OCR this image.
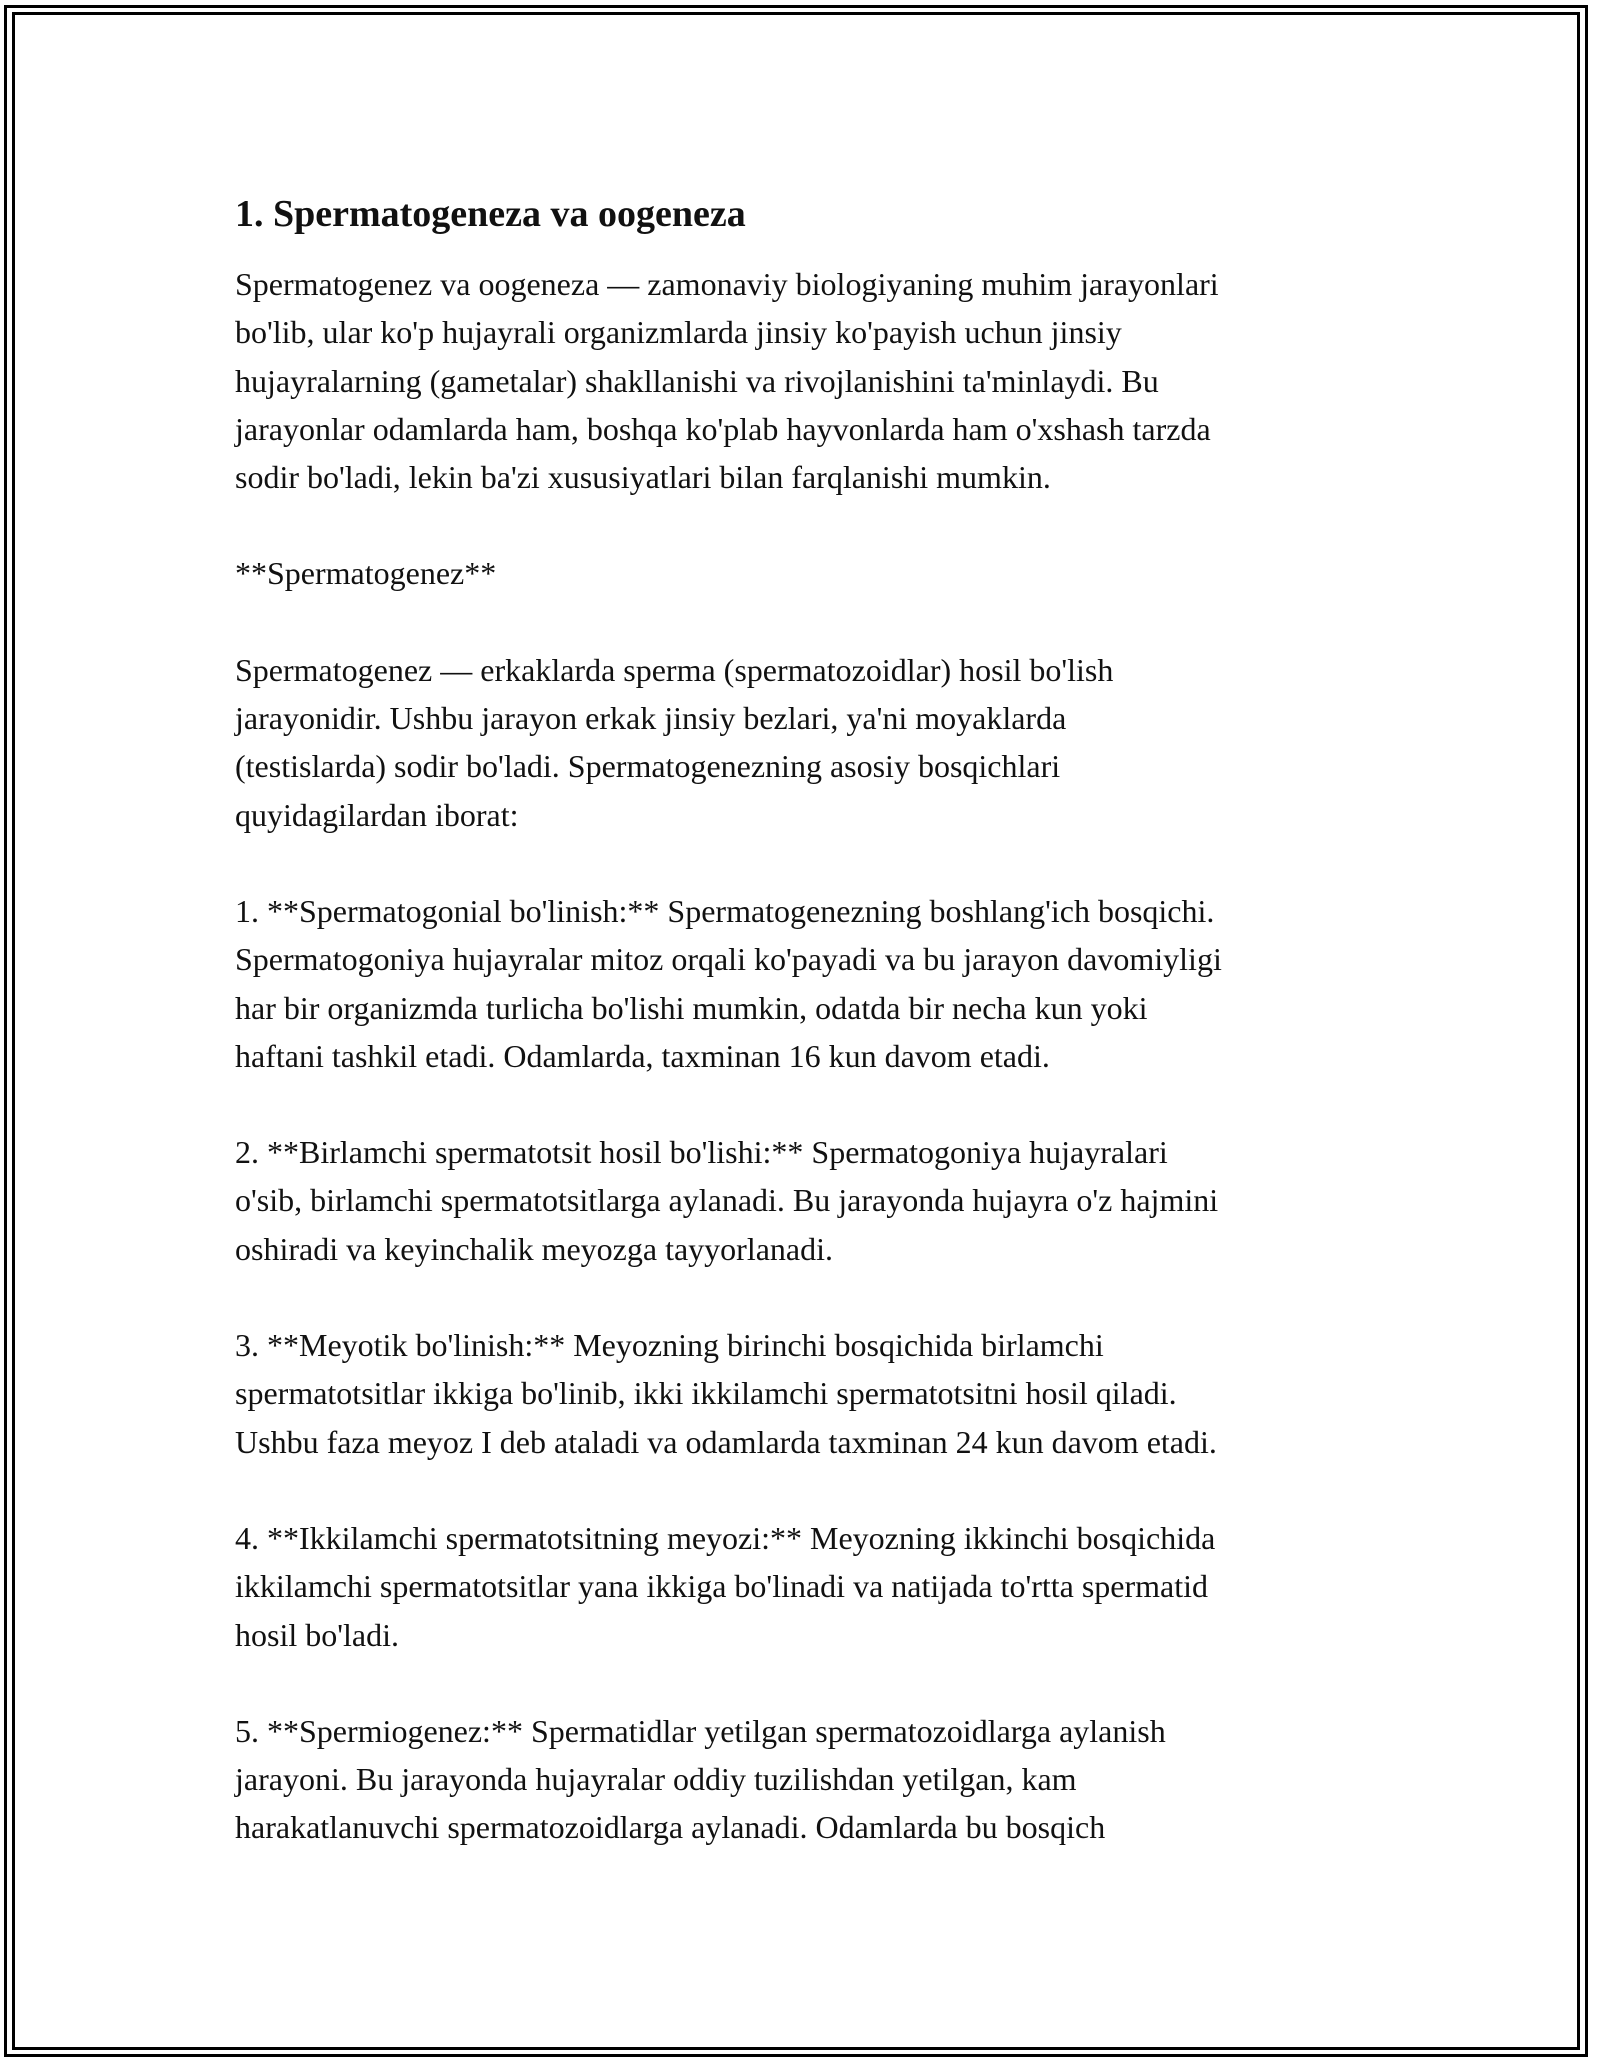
1. Spermatogeneza va oogeneza

Spermatogenez va oogeneza — zamonaviy biologiyaning muhim jarayonlari
bo'lib, ular ko'p hujayrali organizmlarda jinsiy ko'payish uchun jinsiy
hujayralarning (gametalar) shakllanishi va rivojlanishini ta'minlaydi. Bu
jarayonlar odamlarda ham, boshqa ko'plab hayvonlarda ham o'xshash tarzda
sodir bo'ladi, lekin ba'zi xususiyatlari bilan farqlanishi mumkin.

**Spermatogenez**

Spermatogenez — erkaklarda sperma (spermatozoidlar) hosil bo'lish
jarayonidir. Ushbu jarayon erkak jinsiy bezlari, ya'ni moyaklarda
(testislarda) sodir bo'ladi. Spermatogenezning asosiy bosqichlari
quyidagilardan iborat:

1. **Spermatogonial bo'linish:** Spermatogenezning boshlang'ich bosqichi.
Spermatogoniya hujayralar mitoz orqali ko'payadi va bu jarayon davomiyligi
har bir organizmda turlicha bo'lishi mumkin, odatda bir necha kun yoki
haftani tashkil etadi. Odamlarda, taxminan 16 kun davom etadi.

2. **Birlamchi spermatotsit hosil bo'lishi:** Spermatogoniya hujayralari
o'sib, birlamchi spermatotsitlarga aylanadi. Bu jarayonda hujayra o'z hajmini
oshiradi va keyinchalik meyozga tayyorlanadi.

3. **Meyotik bo'linish:** Meyozning birinchi bosqichida birlamchi
spermatotsitlar ikkiga bo'linib, ikki ikkilamchi spermatotsitni hosil qiladi.
Ushbu faza meyoz I deb ataladi va odamlarda taxminan 24 kun davom etadi.

4. **Ikkilamchi spermatotsitning meyozi:** Meyozning ikkinchi bosqichida
ikkilamchi spermatotsitlar yana ikkiga bo'linadi va natijada to'rtta spermatid
hosil bo'ladi.

5. **Spermiogenez:** Spermatidlar yetilgan spermatozoidlarga aylanish
jarayoni. Bu jarayonda hujayralar oddiy tuzilishdan yetilgan, kam
harakatlanuvchi spermatozoidlarga aylanadi. Odamlarda bu bosqich
